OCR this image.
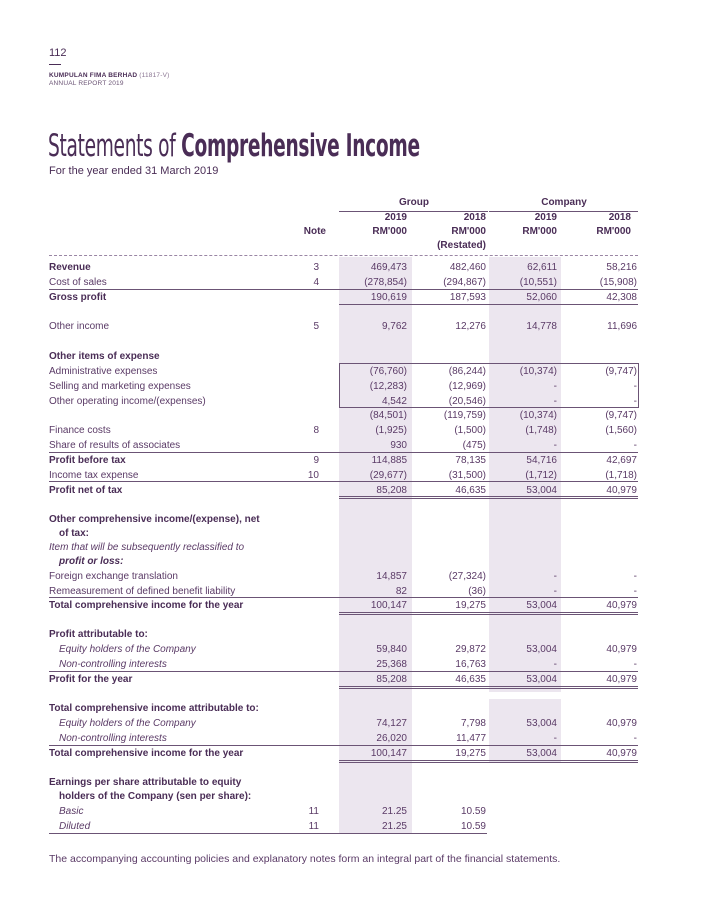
112
KUMPULAN FIMA BERHAD (11817-V)
ANNUAL REPORT 2019
Statements of Comprehensive Income
For the year ended 31 March 2019
Group	Company
2019	2018	2019	2018
Note	RM'000	RM'000	RM'000	RM'000
(Restated)
Revenue	3	469,473	482,460	62,611	58,216
Cost of sales	4	(278,854)	(294,867)	(10,551)	(15,908)
Gross profit	190,619	187,593	52,060	42,308
Other income	5	9,762	12,276	14,778	11,696
Other items of expense
Administrative expenses	(76,760)	(86,244)	(10,374)	(9,747)
Selling and marketing expenses	(12,283)	(12,969)	-	-
Other operating income/(expenses)	4,542	(20,546)	-	-
(84,501)	(119,759)	(10,374)	(9,747)
Finance costs	8	(1,925)	(1,500)	(1,748)	(1,560)
Share of results of associates	930	(475)	-	-
Profit before tax	9	114,885	78,135	54,716	42,697
Income tax expense	10	(29,677)	(31,500)	(1,712)	(1,718)
Profit net of tax	85,208	46,635	53,004	40,979
Other comprehensive income/(expense), net
of tax:
Item that will be subsequently reclassified to
profit or loss:
Foreign exchange translation	14,857	(27,324)	-	-
Remeasurement of defined benefit liability	82	(36)	-	-
Total comprehensive income for the year	100,147	19,275	53,004	40,979
Profit attributable to:
Equity holders of the Company	59,840	29,872	53,004	40,979
Non-controlling interests	25,368	16,763	-	-
Profit for the year	85,208	46,635	53,004	40,979
Total comprehensive income attributable to:
Equity holders of the Company	74,127	7,798	53,004	40,979
Non-controlling interests	26,020	11,477	-	-
Total comprehensive income for the year	100,147	19,275	53,004	40,979
Earnings per share attributable to equity
holders of the Company (sen per share):
Basic	11	21.25	10.59
Diluted	11	21.25	10.59
The accompanying accounting policies and explanatory notes form an integral part of the financial statements.
